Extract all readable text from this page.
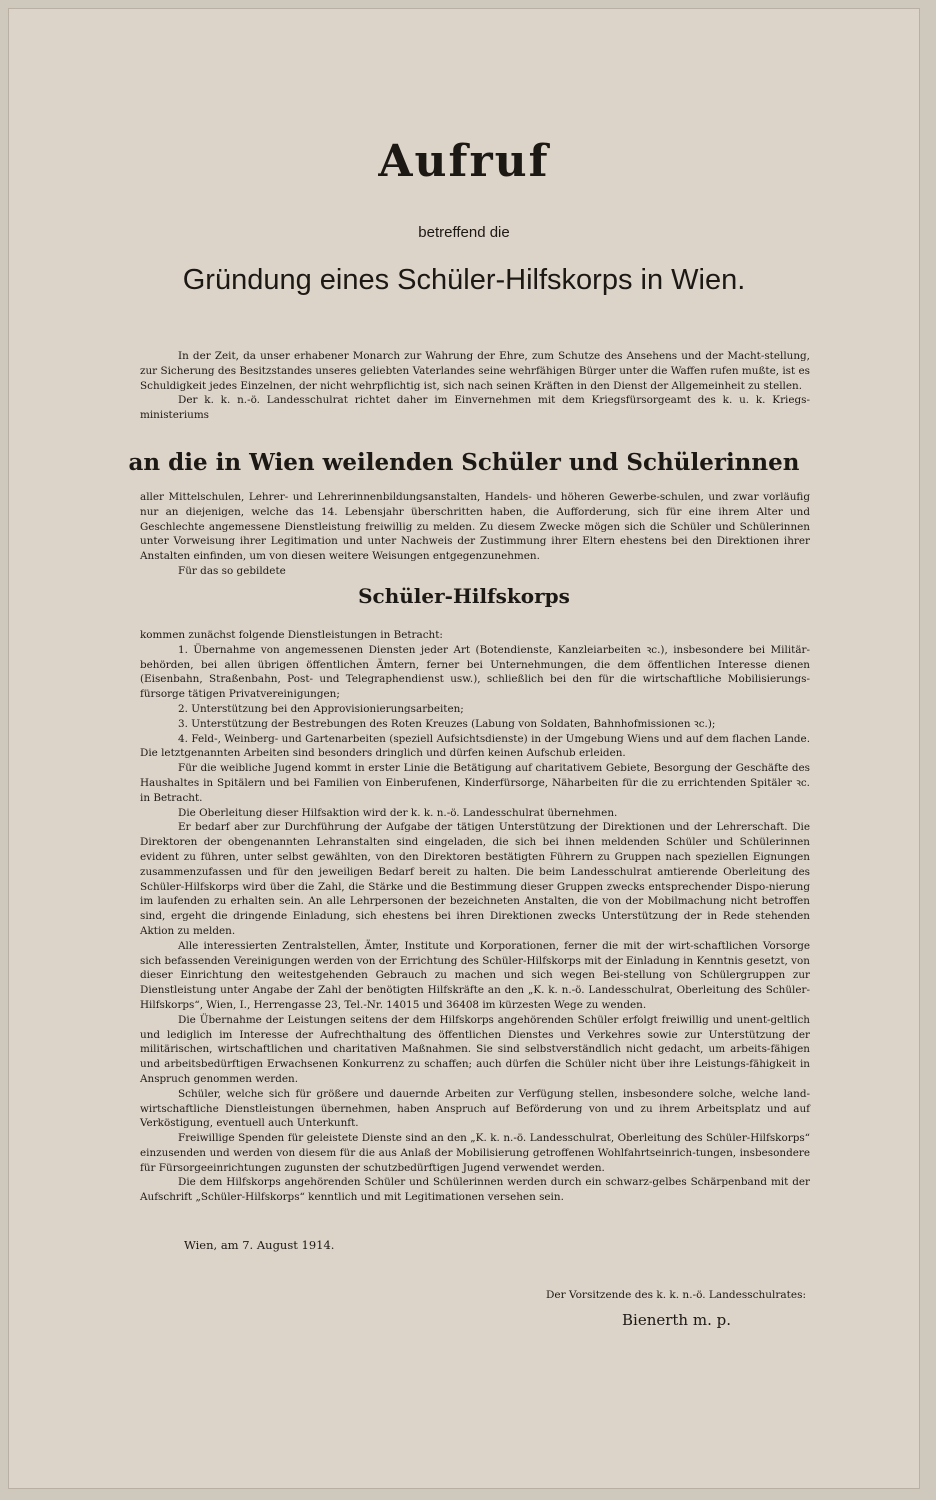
Aufruf
betreffend die
Gründung eines Schüler-Hilfskorps in Wien.

In der Zeit, da unser erhabener Monarch zur Wahrung der Ehre, zum Schutze des Ansehens und der Macht-stellung, zur Sicherung des Besitzstandes unseres geliebten Vaterlandes seine wehrfähigen Bürger unter die Waffen rufen mußte, ist es Schuldigkeit jedes Einzelnen, der nicht wehrpflichtig ist, sich nach seinen Kräften in den Dienst der Allgemeinheit zu stellen.

Der k. k. n.-ö. Landesschulrat richtet daher im Einvernehmen mit dem Kriegsfürsorgeamt des k. u. k. Kriegs-ministeriums

an die in Wien weilenden Schüler und Schülerinnen

aller Mittelschulen, Lehrer- und Lehrerinnenbildungsanstalten, Handels- und höheren Gewerbe-schulen, und zwar vorläufig nur an diejenigen, welche das 14. Lebensjahr überschritten haben, die Aufforderung, sich für eine ihrem Alter und Geschlechte angemessene Dienstleistung freiwillig zu melden. Zu diesem Zwecke mögen sich die Schüler und Schülerinnen unter Vorweisung ihrer Legitimation und unter Nachweis der Zustimmung ihrer Eltern ehestens bei den Direktionen ihrer Anstalten einfinden, um von diesen weitere Weisungen entgegenzunehmen.

Für das so gebildete

Schüler-Hilfskorps

kommen zunächst folgende Dienstleistungen in Betracht:

1. Übernahme von angemessenen Diensten jeder Art (Botendienste, Kanzleiarbeiten ꝛc.), insbesondere bei Militär-behörden, bei allen übrigen öffentlichen Ämtern, ferner bei Unternehmungen, die dem öffentlichen Interesse dienen (Eisenbahn, Straßenbahn, Post- und Telegraphendienst usw.), schließlich bei den für die wirtschaftliche Mobilisierungs-fürsorge tätigen Privatvereinigungen;

2. Unterstützung bei den Approvisionierungsarbeiten;

3. Unterstützung der Bestrebungen des Roten Kreuzes (Labung von Soldaten, Bahnhofmissionen ꝛc.);

4. Feld-, Weinberg- und Gartenarbeiten (speziell Aufsichtsdienste) in der Umgebung Wiens und auf dem flachen Lande. Die letztgenannten Arbeiten sind besonders dringlich und dürfen keinen Aufschub erleiden.

Für die weibliche Jugend kommt in erster Linie die Betätigung auf charitativem Gebiete, Besorgung der Geschäfte des Haushaltes in Spitälern und bei Familien von Einberufenen, Kinderfürsorge, Näharbeiten für die zu errichtenden Spitäler ꝛc. in Betracht.

Die Oberleitung dieser Hilfsaktion wird der k. k. n.-ö. Landesschulrat übernehmen.

Er bedarf aber zur Durchführung der Aufgabe der tätigen Unterstützung der Direktionen und der Lehrerschaft. Die Direktoren der obengenannten Lehranstalten sind eingeladen, die sich bei ihnen meldenden Schüler und Schülerinnen evident zu führen, unter selbst gewählten, von den Direktoren bestätigten Führern zu Gruppen nach speziellen Eignungen zusammenzufassen und für den jeweiligen Bedarf bereit zu halten. Die beim Landesschulrat amtierende Oberleitung des Schüler-Hilfskorps wird über die Zahl, die Stärke und die Bestimmung dieser Gruppen zwecks entsprechender Dispo-nierung im laufenden zu erhalten sein. An alle Lehrpersonen der bezeichneten Anstalten, die von der Mobilmachung nicht betroffen sind, ergeht die dringende Einladung, sich ehestens bei ihren Direktionen zwecks Unterstützung der in Rede stehenden Aktion zu melden.

Alle interessierten Zentralstellen, Ämter, Institute und Korporationen, ferner die mit der wirt-schaftlichen Vorsorge sich befassenden Vereinigungen werden von der Errichtung des Schüler-Hilfskorps mit der Einladung in Kenntnis gesetzt, von dieser Einrichtung den weitestgehenden Gebrauch zu machen und sich wegen Bei-stellung von Schülergruppen zur Dienstleistung unter Angabe der Zahl der benötigten Hilfskräfte an den „K. k. n.-ö. Landesschulrat, Oberleitung des Schüler-Hilfskorps“, Wien, I., Herrengasse 23, Tel.-Nr. 14015 und 36408 im kürzesten Wege zu wenden.

Die Übernahme der Leistungen seitens der dem Hilfskorps angehörenden Schüler erfolgt freiwillig und unent-geltlich und lediglich im Interesse der Aufrechthaltung des öffentlichen Dienstes und Verkehres sowie zur Unterstützung der militärischen, wirtschaftlichen und charitativen Maßnahmen. Sie sind selbstverständlich nicht gedacht, um arbeits-fähigen und arbeitsbedürftigen Erwachsenen Konkurrenz zu schaffen; auch dürfen die Schüler nicht über ihre Leistungs-fähigkeit in Anspruch genommen werden.

Schüler, welche sich für größere und dauernde Arbeiten zur Verfügung stellen, insbesondere solche, welche land-wirtschaftliche Dienstleistungen übernehmen, haben Anspruch auf Beförderung von und zu ihrem Arbeitsplatz und auf Verköstigung, eventuell auch Unterkunft.

Freiwillige Spenden für geleistete Dienste sind an den „K. k. n.-ö. Landesschulrat, Oberleitung des Schüler-Hilfskorps“ einzusenden und werden von diesem für die aus Anlaß der Mobilisierung getroffenen Wohlfahrtseinrich-tungen, insbesondere für Fürsorgeeinrichtungen zugunsten der schutzbedürftigen Jugend verwendet werden.

Die dem Hilfskorps angehörenden Schüler und Schülerinnen werden durch ein schwarz-gelbes Schärpenband mit der Aufschrift „Schüler-Hilfskorps“ kenntlich und mit Legitimationen versehen sein.

Wien, am 7. August 1914.
Der Vorsitzende des k. k. n.-ö. Landesschulrates:
Bienerth m. p.
